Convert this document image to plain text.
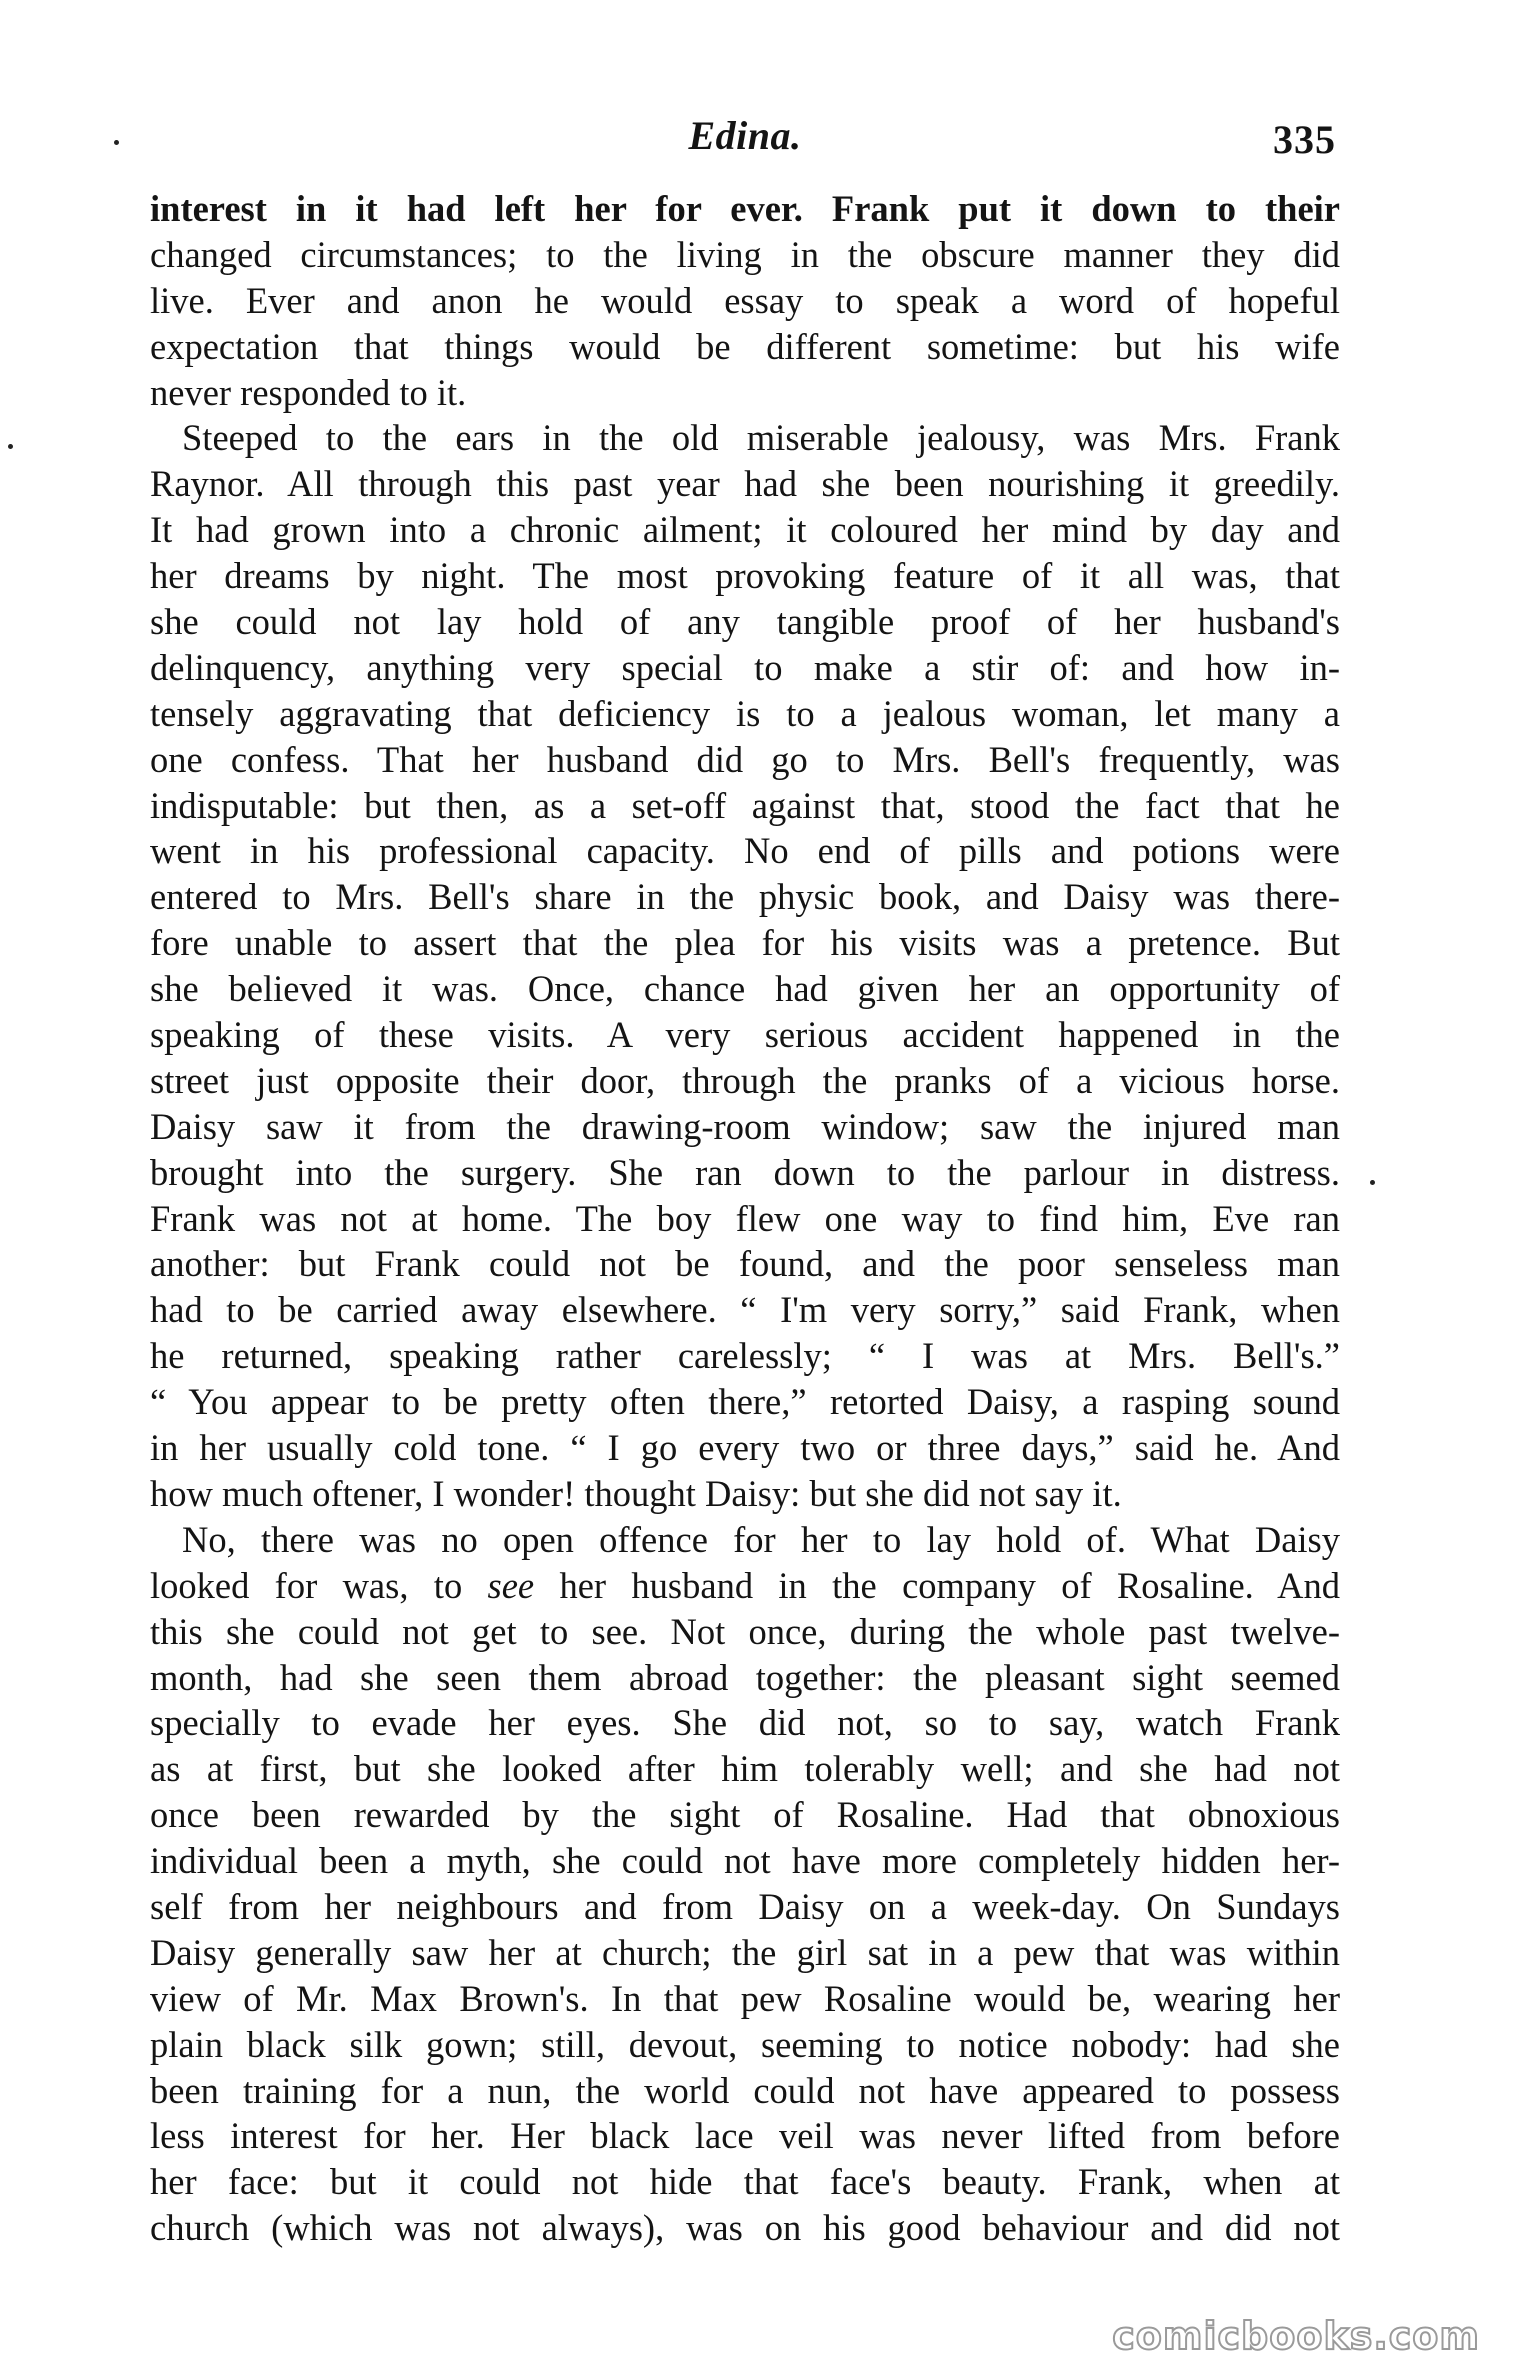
Edina.	335
interest in it had left her for ever. Frank put it down to their
changed circumstances; to the living in the obscure manner they did
live. Ever and anon he would essay to speak a word of hopeful
expectation that things would be different sometime: but his wife
never responded to it.
Steeped to the ears in the old miserable jealousy, was Mrs. Frank
Raynor. All through this past year had she been nourishing it greedily.
It had grown into a chronic ailment; it coloured her mind by day and
her dreams by night. The most provoking feature of it all was, that
she could not lay hold of any tangible proof of her husband's
delinquency, anything very special to make a stir of: and how in-
tensely aggravating that deficiency is to a jealous woman, let many a
one confess. That her husband did go to Mrs. Bell's frequently, was
indisputable: but then, as a set-off against that, stood the fact that he
went in his professional capacity. No end of pills and potions were
entered to Mrs. Bell's share in the physic book, and Daisy was there-
fore unable to assert that the plea for his visits was a pretence. But
she believed it was. Once, chance had given her an opportunity of
speaking of these visits. A very serious accident happened in the
street just opposite their door, through the pranks of a vicious horse.
Daisy saw it from the drawing-room window; saw the injured man
brought into the surgery. She ran down to the parlour in distress.
Frank was not at home. The boy flew one way to find him, Eve ran
another: but Frank could not be found, and the poor senseless man
had to be carried away elsewhere. “ I'm very sorry,” said Frank, when
he returned, speaking rather carelessly; “ I was at Mrs. Bell's.”
“ You appear to be pretty often there,” retorted Daisy, a rasping sound
in her usually cold tone. “ I go every two or three days,” said he. And
how much oftener, I wonder! thought Daisy: but she did not say it.
No, there was no open offence for her to lay hold of. What Daisy
looked for was, to see her husband in the company of Rosaline. And
this she could not get to see. Not once, during the whole past twelve-
month, had she seen them abroad together: the pleasant sight seemed
specially to evade her eyes. She did not, so to say, watch Frank
as at first, but she looked after him tolerably well; and she had not
once been rewarded by the sight of Rosaline. Had that obnoxious
individual been a myth, she could not have more completely hidden her-
self from her neighbours and from Daisy on a week-day. On Sundays
Daisy generally saw her at church; the girl sat in a pew that was within
view of Mr. Max Brown's. In that pew Rosaline would be, wearing her
plain black silk gown; still, devout, seeming to notice nobody: had she
been training for a nun, the world could not have appeared to possess
less interest for her. Her black lace veil was never lifted from before
her face: but it could not hide that face's beauty. Frank, when at
church (which was not always), was on his good behaviour and did not
comicbooks.com
